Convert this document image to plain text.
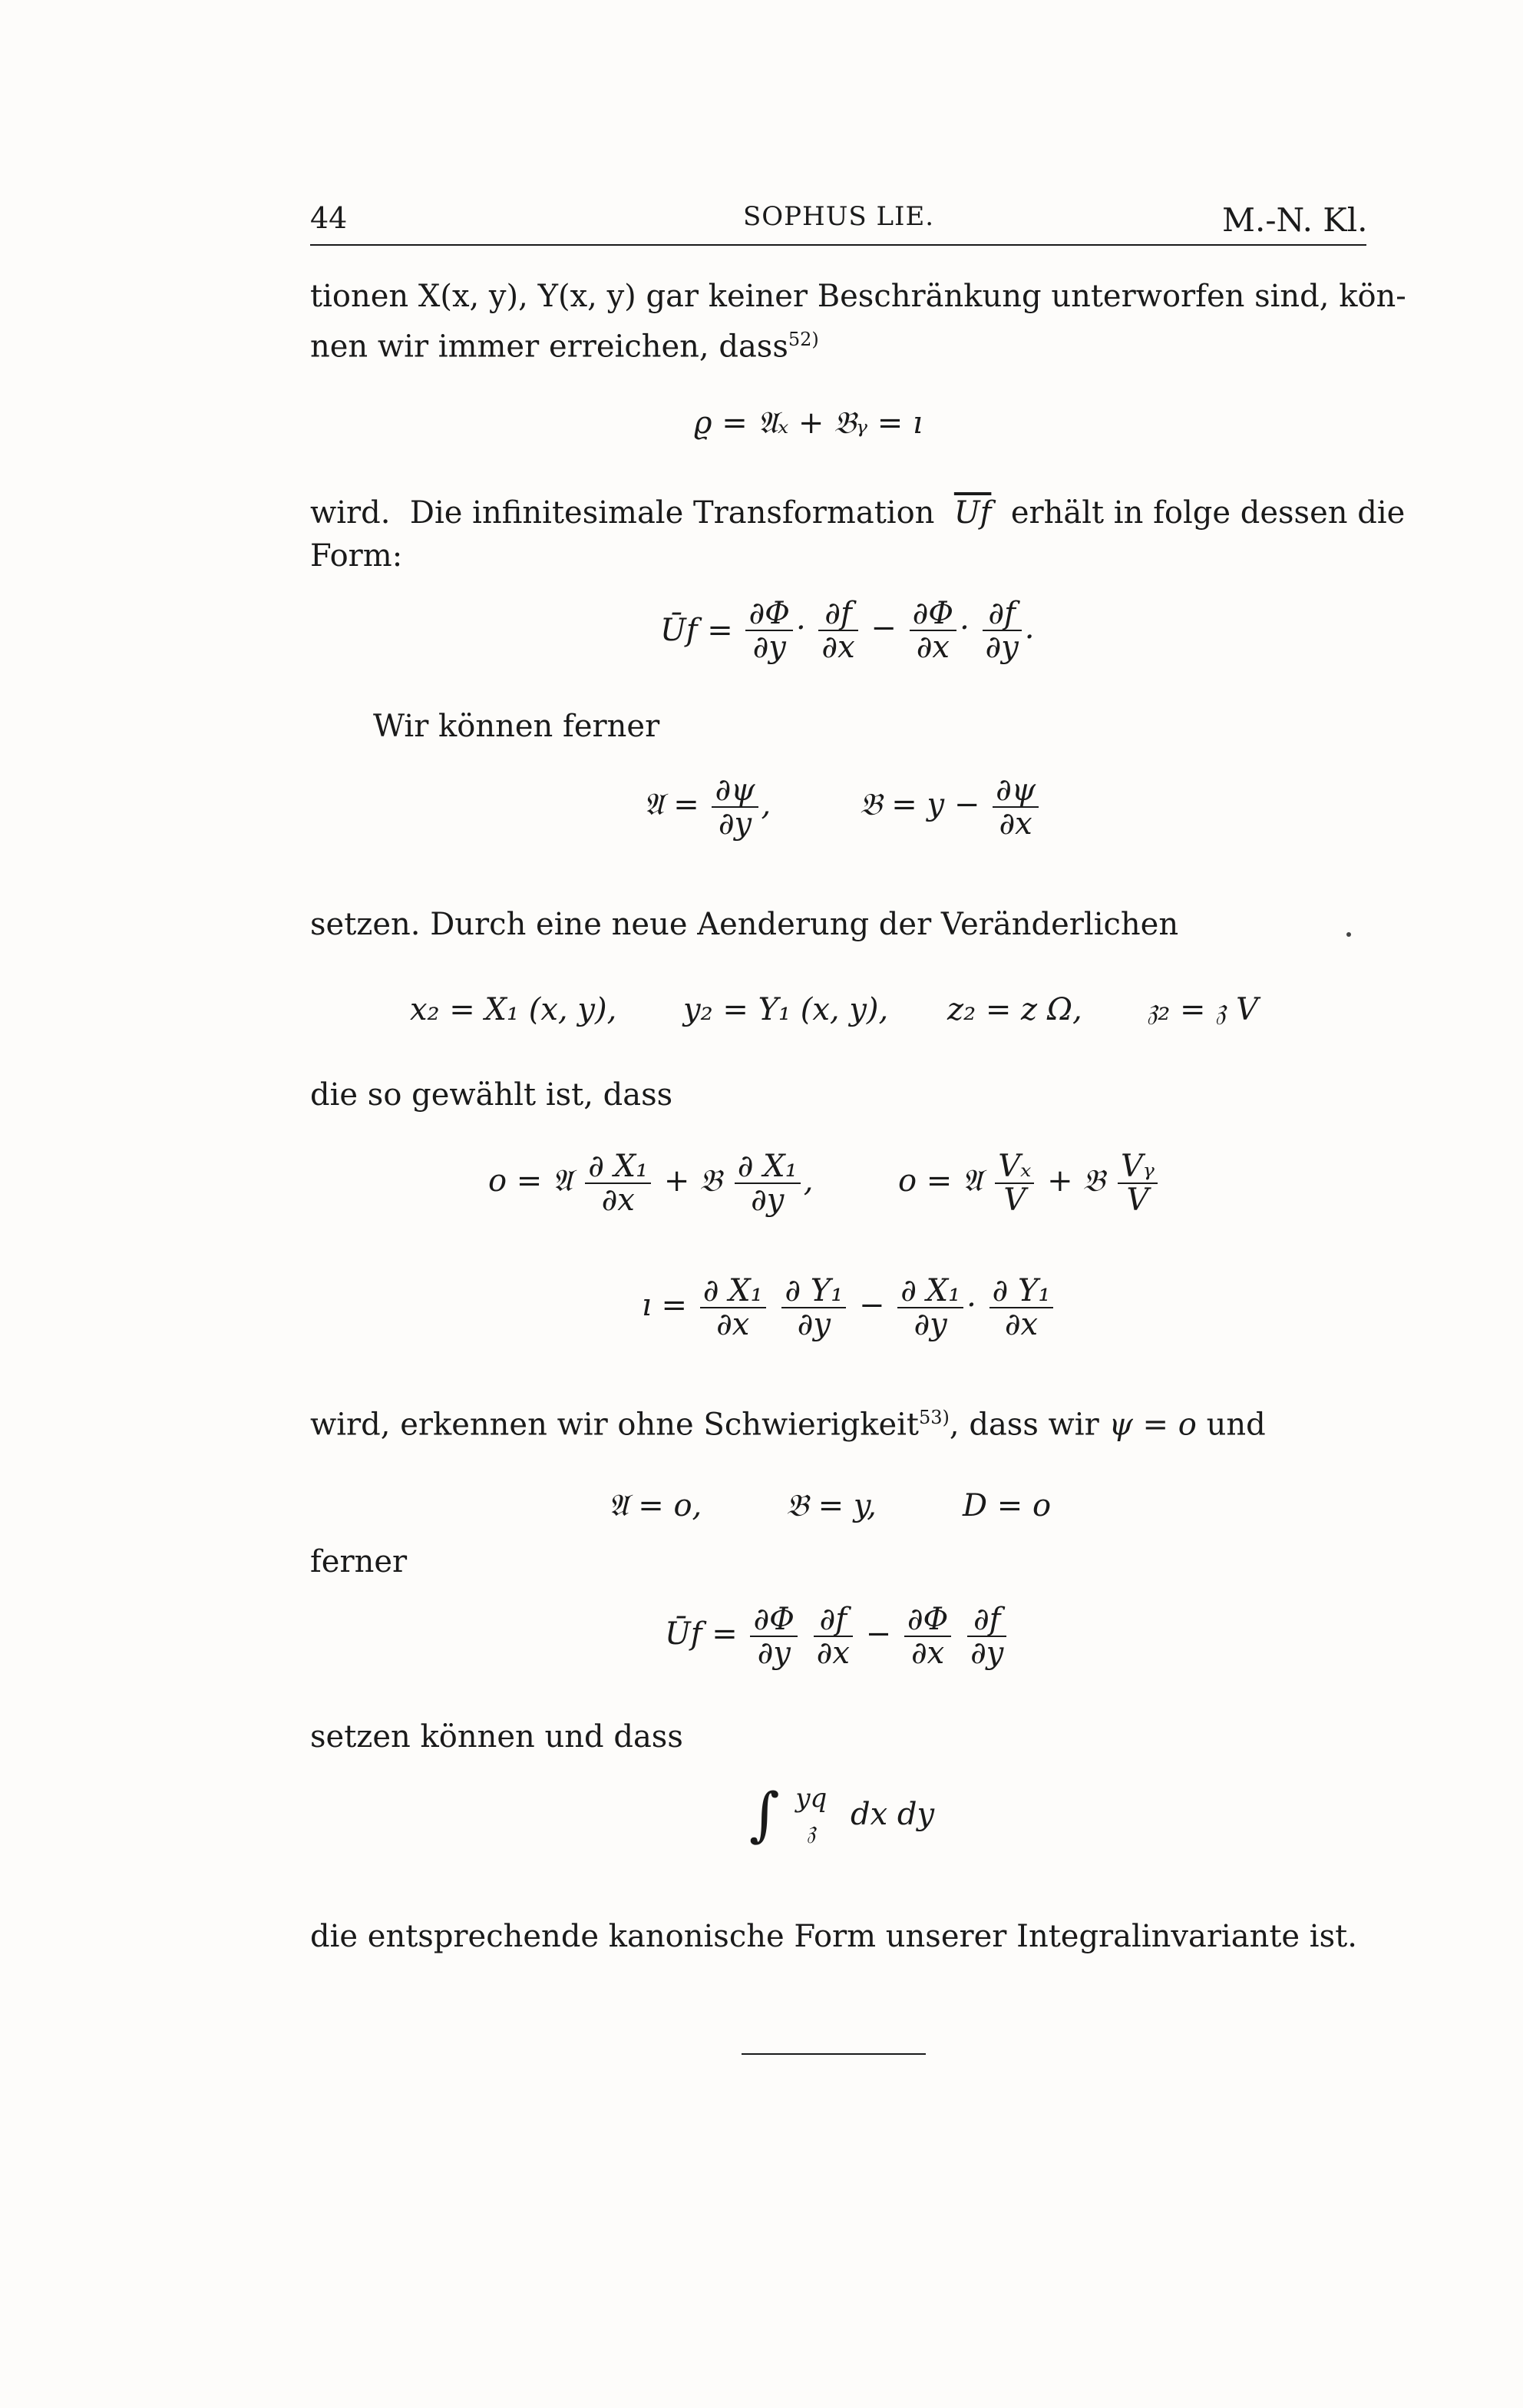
44	SOPHUS LIE.	M.-N. Kl.
tionen X(x, y), Y(x, y) gar keiner Beschränkung unterworfen sind, kön-
nen wir immer erreichen, dass$^{52)}$
ϱ = 𝔄ₓ + 𝔅ᵧ = ı
wird. Die infinitesimale Transformation $\overline{Uf}$ erhält in folge dessen die
Form:
Ūf = $\frac{\partial\Phi}{\partial y} \cdot \frac{\partial f}{\partial x} - \frac{\partial\Phi}{\partial x} \cdot \frac{\partial f}{\partial y}$ .
Wir können ferner
𝔄 = $\frac{\partial\psi}{\partial y}$ ,	𝔅 = $y - \frac{\partial\psi}{\partial x}$
setzen. Durch eine neue Aenderung der Veränderlichen
x₂ = X₁ (x, y), y₂ = Y₁ (x, y), z₂ = z Ω, 𝔷₂ = 𝔷 V
die so gewählt ist, dass
o = 𝔄 $\frac{\text{∂ X₁}}{\partial x}$ + 𝔅 $\frac{\text{∂ X₁}}{\partial y}$ ,	o = 𝔄 $\frac{\text{Vₓ}}{V}$ + 𝔅 $\frac{\text{Vᵧ}}{V}$
ı = $\frac{\text{∂ X₁}}{\partial x}$
$\frac{\text{∂ Y₁}}{\partial y} - \frac{\text{∂ X₁}}{\partial y} \cdot \frac{\text{∂ Y₁}}{\partial x}$
wird, erkennen wir ohne Schwierigkeit$^{53)}$, dass wir ψ = o und
𝔄 = o,	𝔅 = y,	D = o
ferner
Ūf = $\frac{\partial\Phi}{\partial y}$
$\frac{\partial f}{\partial x} - \frac{\partial\Phi}{\partial x}$
$\frac{\partial f}{\partial y}$
setzen können und dass
∫ yq
𝔷	dx dy
die entsprechende kanonische Form unserer Integralinvariante ist.
